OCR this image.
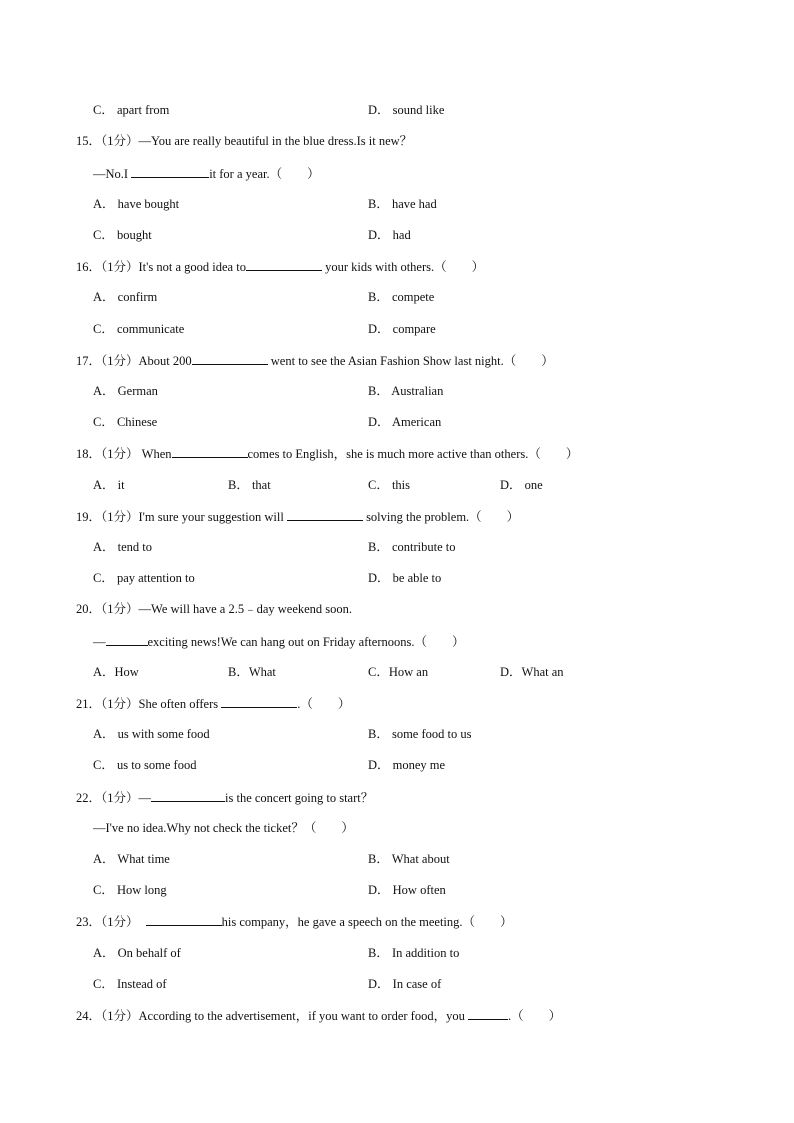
C． apart from	D． sound like
15．（1分）—You are really beautiful in the blue dress.Is it new？
—No.I	it for a year.（　　）
A． have bought	B． have had
C． bought	D． had
16．（1分）It's not a good idea to	your kids with others.（　　）
A． confirm	B． compete
C． communicate	D． compare
17．（1分）About 200	went to see the Asian Fashion Show last night.（　　）
A． German	B． Australian
C． Chinese	D． American
18．（1分） When	comes to English，she is much more active than others.（　　）
A． it	B． that	C． this	D． one
19．（1分）I'm sure your suggestion will	solving the problem.（　　）
A． tend to	B． contribute to
C． pay attention to	D． be able to
20．（1分）—We will have a 2.5﹣day weekend soon.
—	exciting news!We can hang out on Friday afternoons.（　　）
A．How	B．What	C．How an	D．What an
21．（1分）She often offers	.（　　）
A． us with some food	B． some food to us
C． us to some food	D． money me
22．（1分）—	is the concert going to start？
—I've no idea.Why not check the ticket？（　　）
A． What time	B． What about
C． How long	D． How often
23．（1分）	his company，he gave a speech on the meeting.（　　）
A． On behalf of	B． In addition to
C． Instead of	D． In case of
24．（1分）According to the advertisement，if you want to order food，you	.（　　）
